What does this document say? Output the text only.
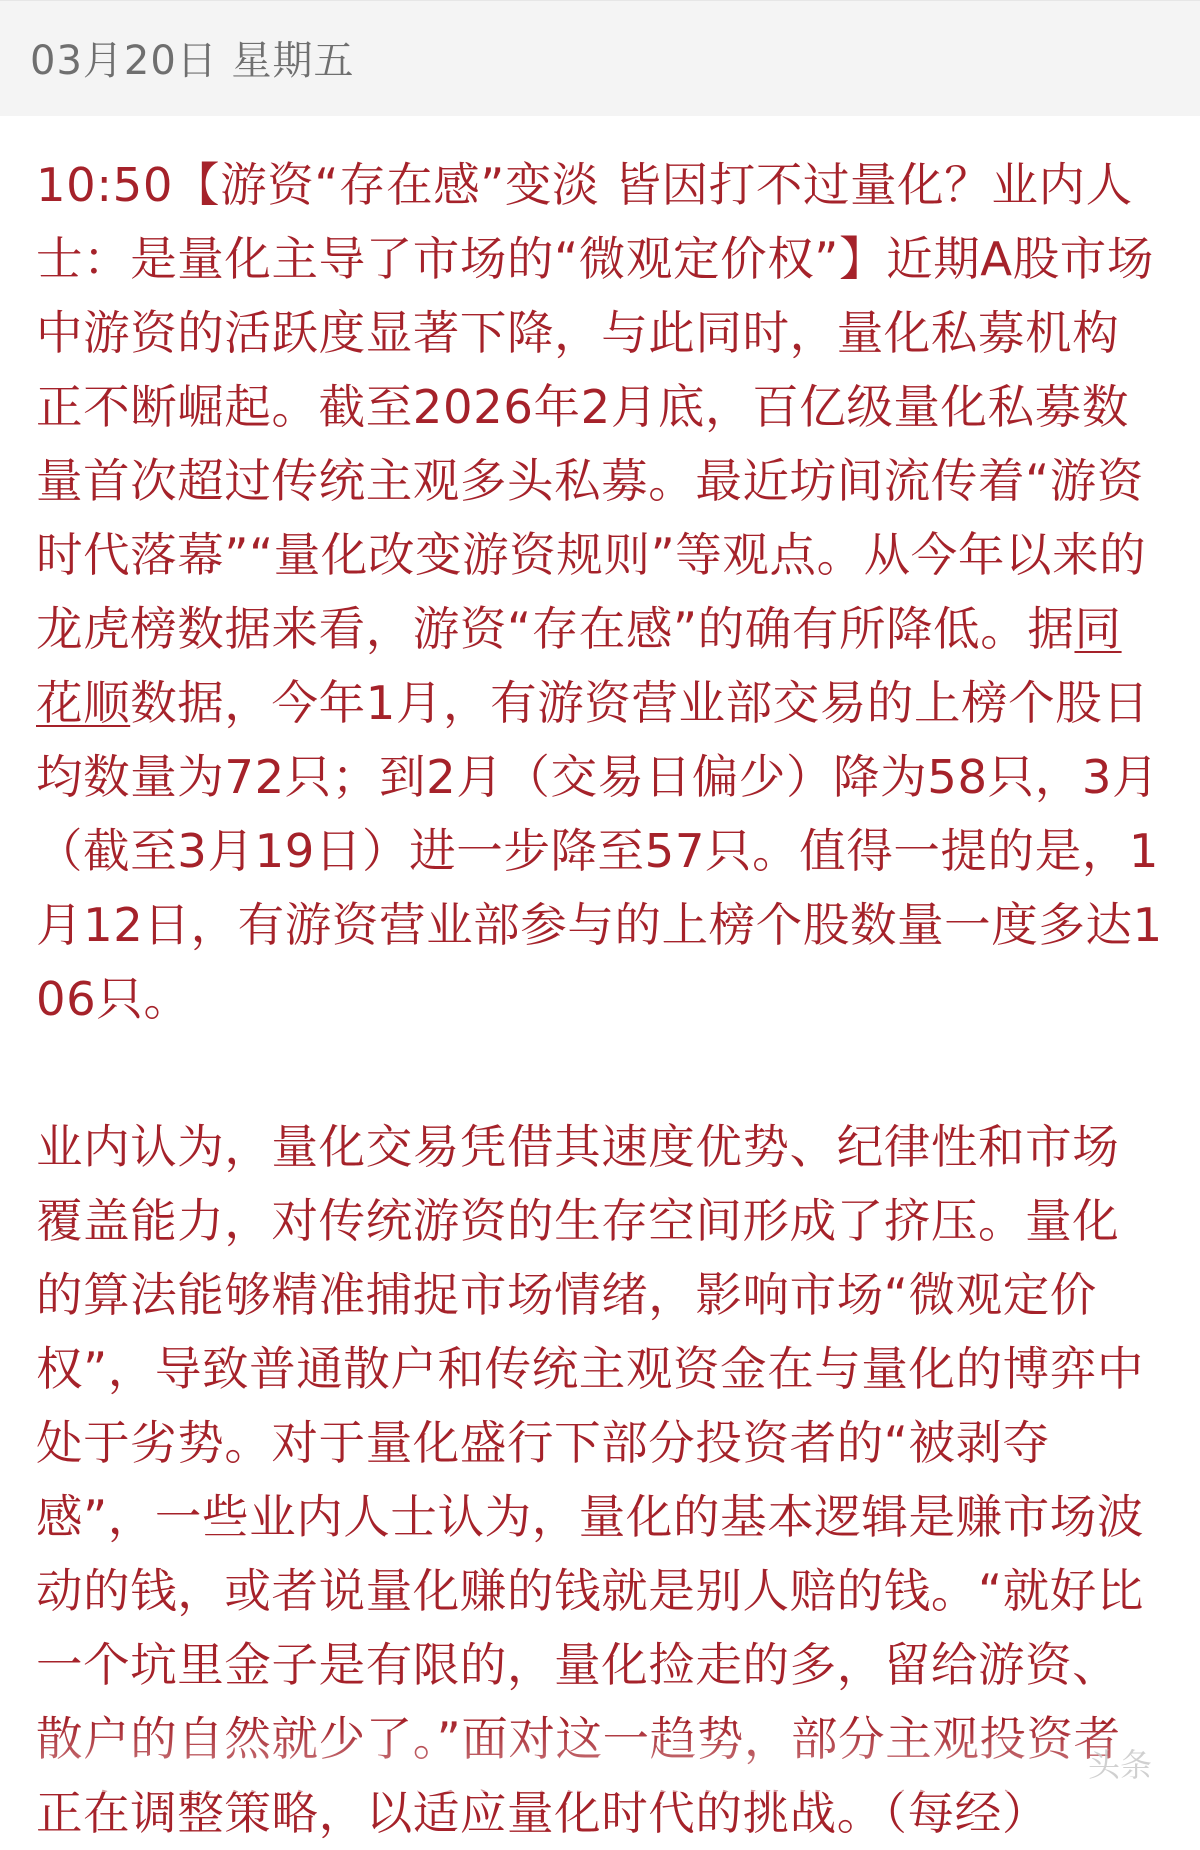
03月20日 星期五

10:50【游资“存在感”变淡 皆因打不过量化？业内人士：是量化主导了市场的“微观定价权”】近期A股市场中游资的活跃度显著下降，与此同时，量化私募机构正不断崛起。截至2026年2月底，百亿级量化私募数量首次超过传统主观多头私募。最近坊间流传着“游资时代落幕”“量化改变游资规则”等观点。从今年以来的龙虎榜数据来看，游资“存在感”的确有所降低。据同花顺数据，今年1月，有游资营业部交易的上榜个股日均数量为72只；到2月（交易日偏少）降为58只，3月（截至3月19日）进一步降至57只。值得一提的是，1月12日，有游资营业部参与的上榜个股数量一度多达106只。

业内认为，量化交易凭借其速度优势、纪律性和市场覆盖能力，对传统游资的生存空间形成了挤压。量化的算法能够精准捕捉市场情绪，影响市场“微观定价权”，导致普通散户和传统主观资金在与量化的博弈中处于劣势。对于量化盛行下部分投资者的“被剥夺感”，一些业内人士认为，量化的基本逻辑是赚市场波动的钱，或者说量化赚的钱就是别人赔的钱。“就好比一个坑里金子是有限的，量化捡走的多，留给游资、 正在调整策略，以适应量化时代的挑战。（每经）	头条
